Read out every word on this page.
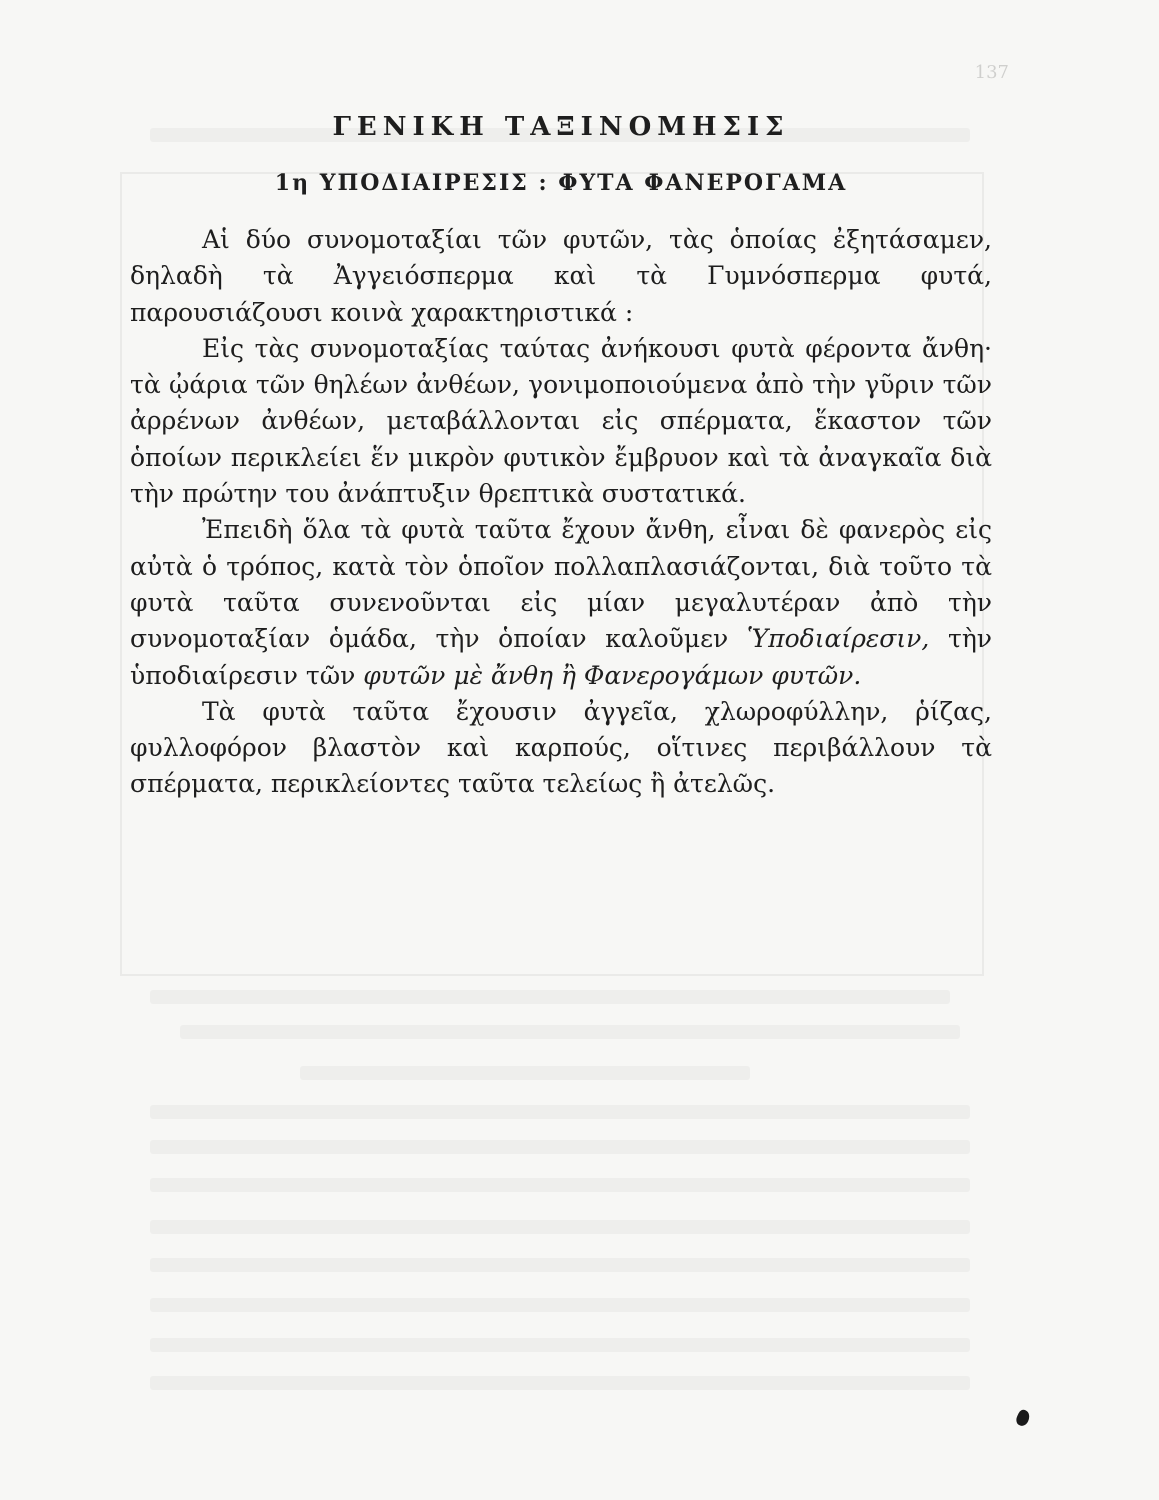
137
ΓΕΝΙΚΗ ΤΑΞΙΝΟΜΗΣΙΣ
1η ΥΠΟΔΙΑΙΡΕΣΙΣ : ΦΥΤΑ ΦΑΝΕΡΟΓΑΜΑ

Αἱ δύο συνομοταξίαι τῶν φυτῶν, τὰς ὁποίας ἐξητάσαμεν, δηλαδὴ τὰ Ἀγγειόσπερμα καὶ τὰ Γυμνόσπερμα φυτά, παρουσιάζουσι κοινὰ χαρακτηριστικά :

Εἰς τὰς συνομοταξίας ταύτας ἀνήκουσι φυτὰ φέροντα ἄνθη· τὰ ᾠάρια τῶν θηλέων ἀνθέων, γονιμοποιούμενα ἀπὸ τὴν γῦριν τῶν ἀρρένων ἀνθέων, μεταβάλλονται εἰς σπέρματα, ἕκαστον τῶν ὁποίων περικλείει ἕν μικρὸν φυτικὸν ἔμβρυον καὶ τὰ ἀναγκαῖα διὰ τὴν πρώτην του ἀνάπτυξιν θρεπτικὰ συστατικά.

Ἐπειδὴ ὅλα τὰ φυτὰ ταῦτα ἔχουν ἄνθη, εἶναι δὲ φανερὸς εἰς αὐτὰ ὁ τρόπος, κατὰ τὸν ὁποῖον πολλαπλασιάζονται, διὰ τοῦτο τὰ φυτὰ ταῦτα συνενοῦνται εἰς μίαν μεγαλυτέραν ἀπὸ τὴν συνομοταξίαν ὁμάδα, τὴν ὁποίαν καλοῦμεν Ὑποδιαίρεσιν, τὴν ὑποδιαίρεσιν τῶν φυτῶν μὲ ἄνθη ἢ Φανερογάμων φυτῶν.

Τὰ φυτὰ ταῦτα ἔχουσιν ἀγγεῖα, χλωροφύλλην, ῥίζας, φυλλοφόρον βλαστὸν καὶ καρπούς, οἵτινες περιβάλλουν τὰ σπέρματα, περικλείοντες ταῦτα τελείως ἢ ἀτελῶς.
